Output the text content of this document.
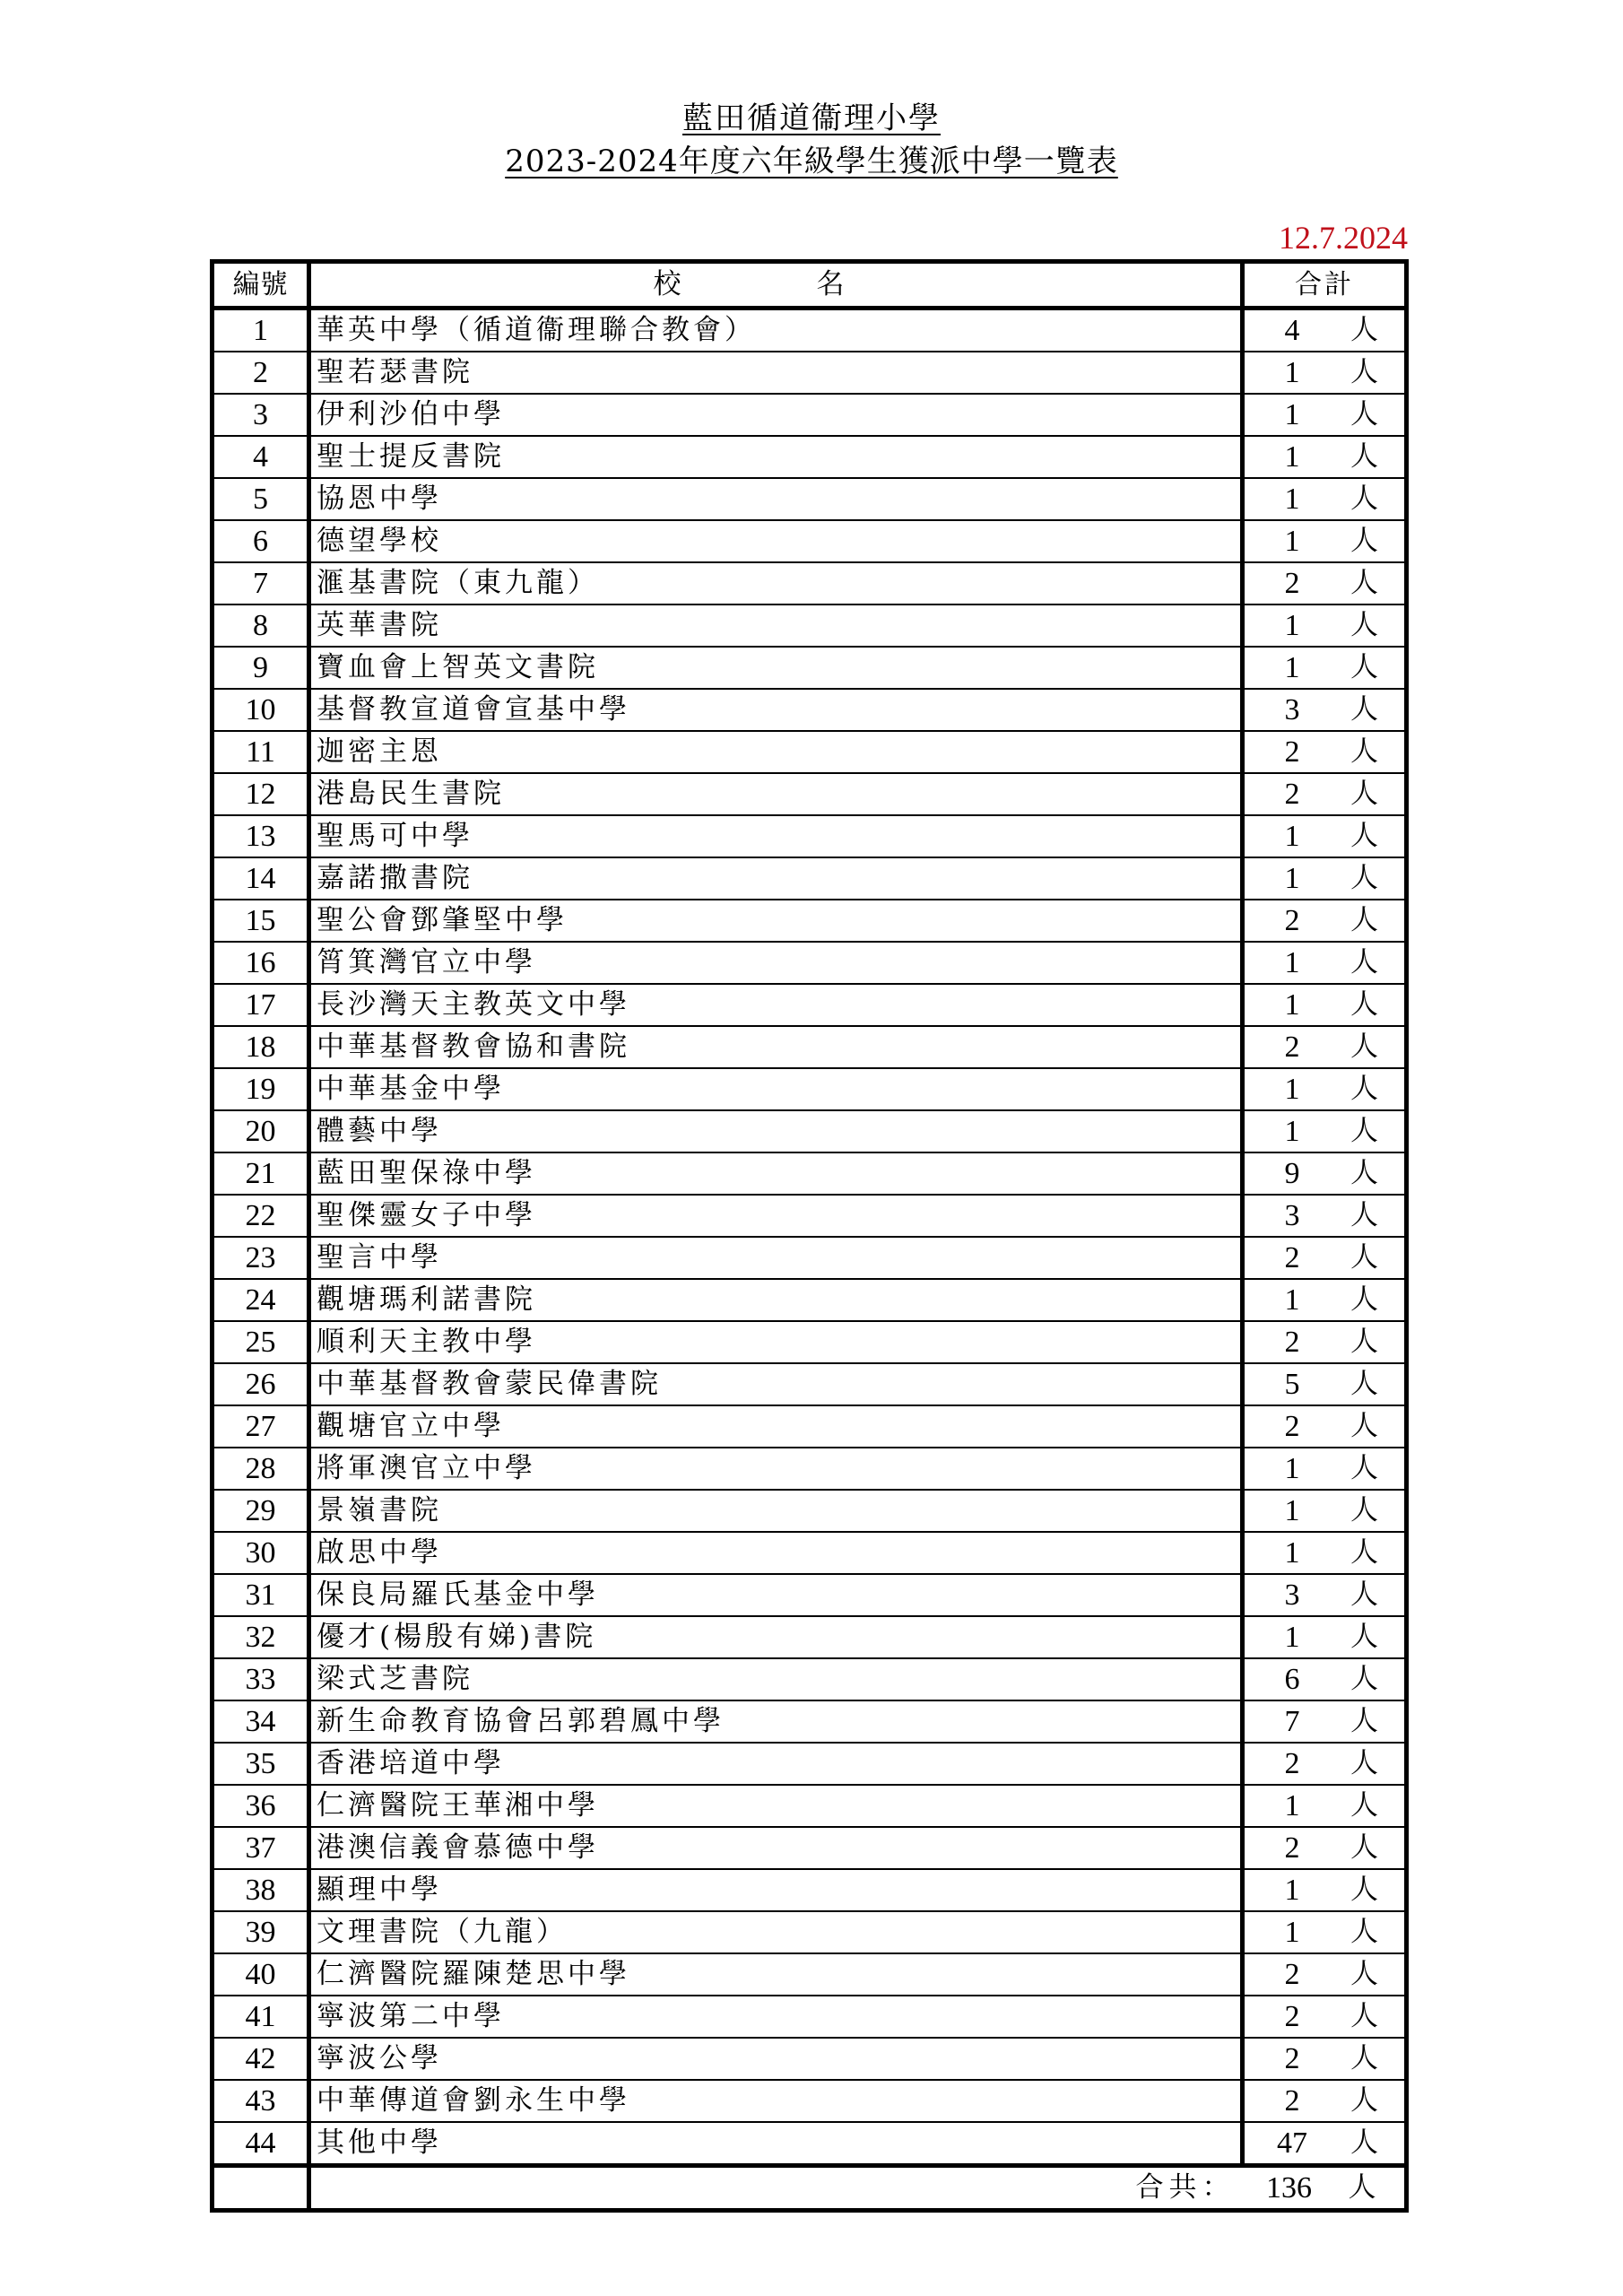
藍田循道衞理小學
2023-2024年度六年級學生獲派中學一覽表
12.7.2024
編號	校　名	合計
1	華英中學（循道衞理聯合教會）	4 人

2	聖若瑟書院	1 人

3	伊利沙伯中學	1 人

4	聖士提反書院	1 人

5	協恩中學	1 人

6	德望學校	1 人

7	滙基書院（東九龍）	2 人

8	英華書院	1 人

9	寶血會上智英文書院	1 人

10	基督教宣道會宣基中學	3 人

11	迦密主恩	2 人

12	港島民生書院	2 人

13	聖馬可中學	1 人

14	嘉諾撒書院	1 人

15	聖公會鄧肇堅中學	2 人

16	筲箕灣官立中學	1 人

17	長沙灣天主教英文中學	1 人

18	中華基督教會協和書院	2 人

19	中華基金中學	1 人

20	體藝中學	1 人

21	藍田聖保祿中學	9 人

22	聖傑靈女子中學	3 人

23	聖言中學	2 人

24	觀塘瑪利諾書院	1 人

25	順利天主教中學	2 人

26	中華基督教會蒙民偉書院	5 人

27	觀塘官立中學	2 人

28	將軍澳官立中學	1 人

29	景嶺書院	1 人

30	啟思中學	1 人

31	保良局羅氏基金中學	3 人

32	優才(楊殷有娣)書院	1 人

33	梁式芝書院	6 人

34	新生命教育協會呂郭碧鳳中學	7 人

35	香港培道中學	2 人

36	仁濟醫院王華湘中學	1 人

37	港澳信義會慕德中學	2 人

38	顯理中學	1 人

39	文理書院（九龍）	1 人

40	仁濟醫院羅陳楚思中學	2 人

41	寧波第二中學	2 人

42	寧波公學	2 人

43	中華傳道會劉永生中學	2 人

44	其他中學	47 人

	合共：	136 人
